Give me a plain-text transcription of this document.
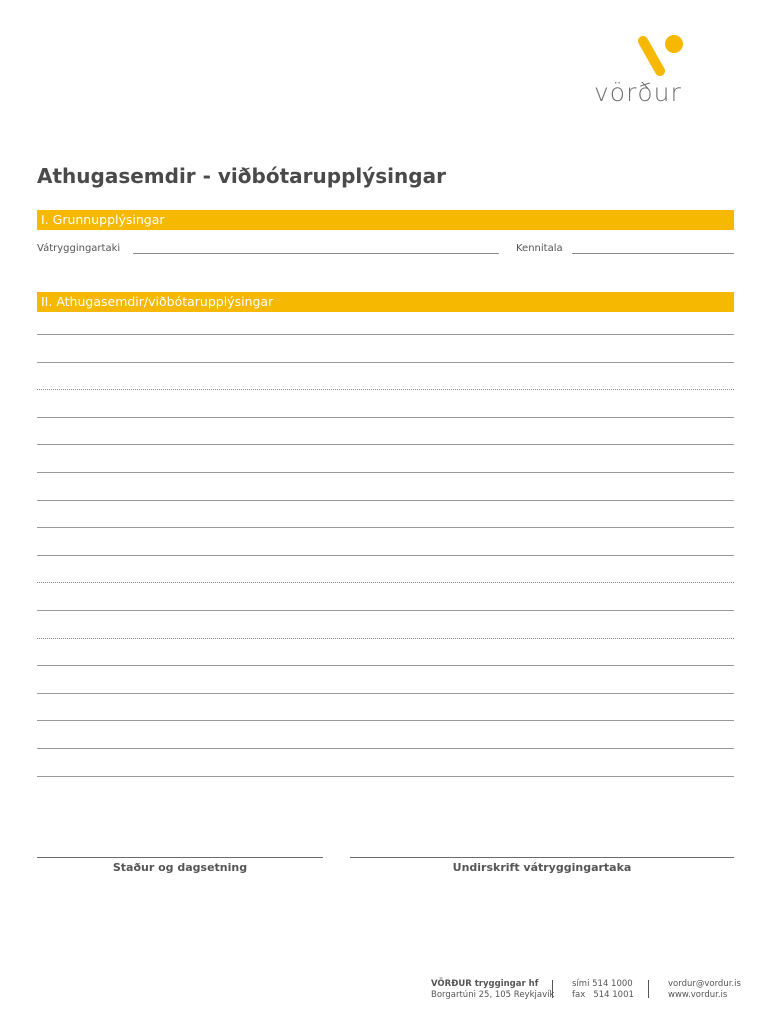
vörður
Athugasemdir - viðbótarupplýsingar
I. Grunnupplýsingar
Vátryggingartaki	Kennitala
II. Athugasemdir/viðbótarupplýsingar
Staður og dagsetning	Undirskrift vátryggingartaka
VÖRÐUR tryggingar hf
Borgartúni 25, 105 Reykjavík
sími 514 1000
fax   514 1001
vordur@vordur.is
www.vordur.is
